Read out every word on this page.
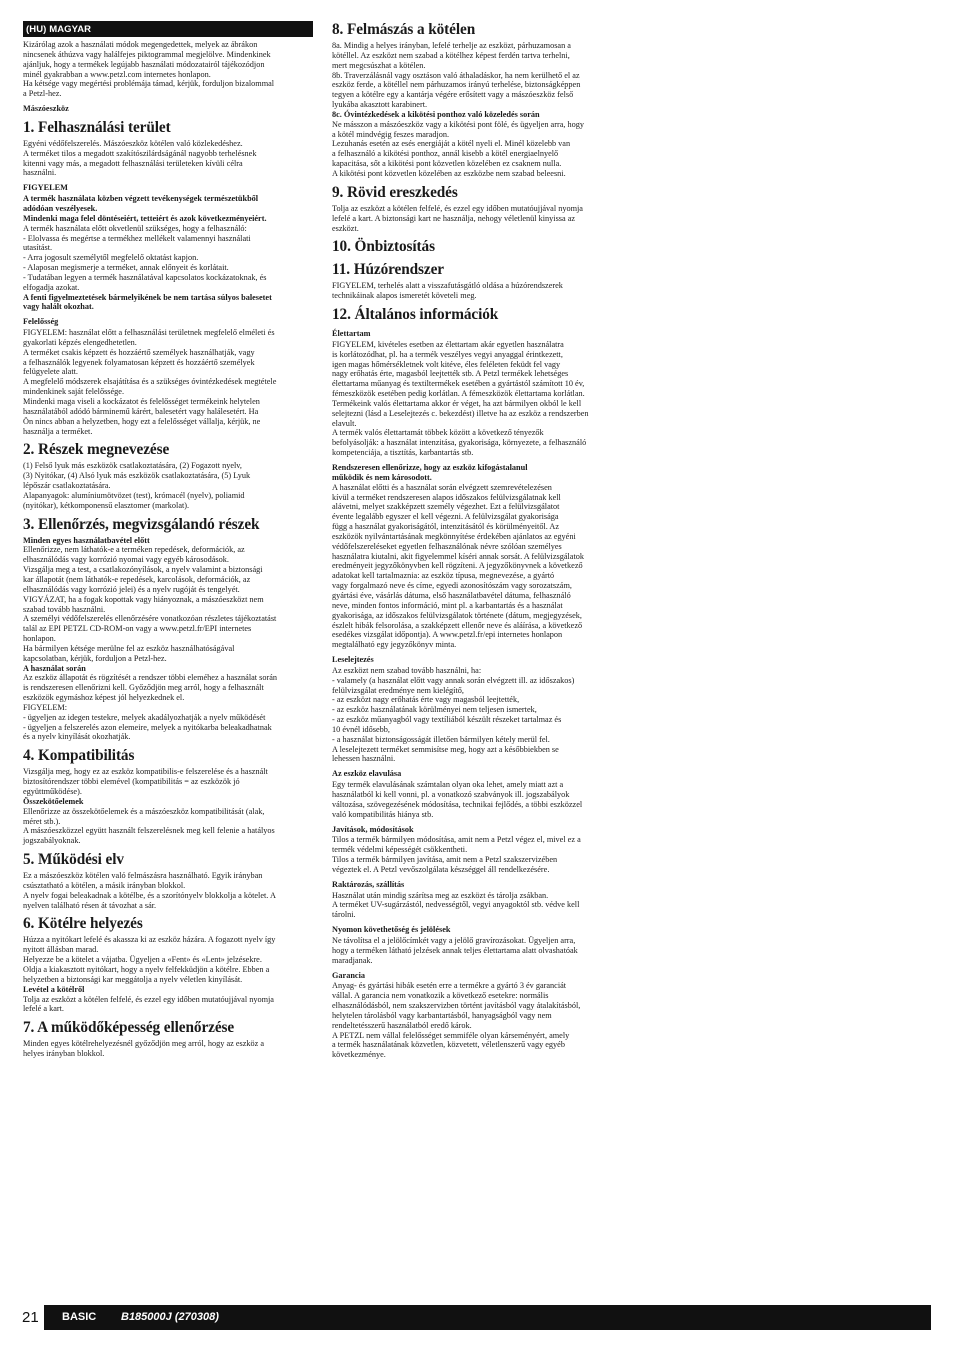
(HU) MAGYAR

Kizárólag azok a használati módok megengedettek, melyek az ábrákon
nincsenek áthúzva vagy halálfejes piktogrammal megjelölve. Mindenkinek
ajánljuk, hogy a termékek legújabb használati módozatairól tájékozódjon
minél gyakrabban a www.petzl.com internetes honlapon.
Ha kétsége vagy megértési problémája támad, kérjük, forduljon bizalommal
a Petzl-hez.

Mászóeszköz
1. Felhasználási terület

Egyéni védőfelszerelés. Mászóeszköz kötélen való közlekedéshez.
A terméket tilos a megadott szakítószilárdságánál nagyobb terhelésnek
kitenni vagy más, a megadott felhasználási területeken kívüli célra
használni.

FIGYELEM

A termék használata közben végzett tevékenységek természetükből
adódóan veszélyesek.
Mindenki maga felel döntéseiért, tetteiért és azok következményeiért.

A termék használata előtt okvetlenül szükséges, hogy a felhasználó:
- Elolvassa és megértse a termékhez mellékelt valamennyi használati
utasítást.
- Arra jogosult személytől megfelelő oktatást kapjon.
- Alaposan megismerje a terméket, annak előnyeit és korlátait.
- Tudatában legyen a termék használatával kapcsolatos kockázatoknak, és
elfogadja azokat.

A fenti figyelmeztetések bármelyikének be nem tartása súlyos balesetet
vagy halált okozhat.

Felelősség

FIGYELEM: használat előtt a felhasználási területnek megfelelő elméleti és
gyakorlati képzés elengedhetetlen.
A terméket csakis képzett és hozzáértő személyek használhatják, vagy
a felhasználók legyenek folyamatosan képzett és hozzáértő személyek
felügyelete alatt.
A megfelelő módszerek elsajátítása és a szükséges óvintézkedések megtétele
mindenkinek saját felelőssége.
Mindenki maga viseli a kockázatot és felelősséget termékeink helytelen
használatából adódó bárminemű kárért, balesetért vagy halálesetért. Ha
Ön nincs abban a helyzetben, hogy ezt a felelősséget vállalja, kérjük, ne
használja a terméket.

2. Részek megnevezése

(1) Felső lyuk más eszközök csatlakoztatására, (2) Fogazott nyelv,
(3) Nyitókar, (4) Alsó lyuk más eszközök csatlakoztatására, (5) Lyuk
lépőszár csatlakoztatására.
Alapanyagok: alumíniumötvözet (test), krómacél (nyelv), poliamid
(nyitókar), kétkomponensű elasztomer (markolat).

3. Ellenőrzés, megvizsgálandó részek

Minden egyes használatbavétel előtt

Ellenőrizze, nem láthatók-e a terméken repedések, deformációk, az
elhasználódás vagy korrózió nyomai vagy egyéb károsodások.
Vizsgálja meg a test, a csatlakozónyílások, a nyelv valamint a biztonsági
kar állapotát (nem láthatók-e repedések, karcolások, deformációk, az
elhasználódás vagy korrózió jelei) és a nyelv rugóját és tengelyét.
VIGYÁZAT, ha a fogak kopottak vagy hiányoznak, a mászóeszközt nem
szabad tovább használni.
A személyi védőfelszerelés ellenőrzésére vonatkozóan részletes tájékoztatást
talál az EPI PETZL CD-ROM-on vagy a www.petzl.fr/EPI internetes
honlapon.
Ha bármilyen kétsége merülne fel az eszköz használhatóságával
kapcsolatban, kérjük, forduljon a Petzl-hez.

A használat során

Az eszköz állapotát és rögzítését a rendszer többi eleméhez a használat során
is rendszeresen ellenőrizni kell. Győződjön meg arról, hogy a felhasznált
eszközök egymáshoz képest jól helyezkednek el.
FIGYELEM:
- ügyeljen az idegen testekre, melyek akadályozhatják a nyelv működését
- ügyeljen a felszerelés azon elemeire, melyek a nyitókarba beleakadhatnak
és a nyelv kinyílását okozhatják.

4. Kompatibilitás

Vizsgálja meg, hogy ez az eszköz kompatibilis-e felszerelése és a használt
biztosítórendszer többi elemével (kompatibilitás = az eszközök jó
együttműködése).

Összekötőelemek

Ellenőrizze az összekötőelemek és a mászóeszköz kompatibilitását (alak,
méret stb.).
A mászóeszközzel együtt használt felszerelésnek meg kell felenie a hatályos
jogszabályoknak.

5. Működési elv

Ez a mászóeszköz kötélen való felmászásra használható. Egyik irányban
csúsztatható a kötélen, a másik irányban blokkol.
A nyelv fogai beleakadnak a kötélbe, és a szorítónyelv blokkolja a kötelet. A
nyelven található résen át távozhat a sár.

6. Kötélre helyezés

Húzza a nyitókart lefelé és akassza ki az eszköz házára. A fogazott nyelv így
nyitott állásban marad.
Helyezze be a kötelet a vájatba. Ügyeljen a «Fent» és «Lent» jelzésekre.
Oldja a kiakasztott nyitókart, hogy a nyelv felfekküdjön a kötélre. Ebben a
helyzetben a biztonsági kar meggátolja a nyelv véletlen kinyílását.

Levétel a kötélről

Tolja az eszközt a kötélen felfelé, és ezzel egy időben mutatóujjával nyomja
lefelé a kart.

7. A működőképesség ellenőrzése

Minden egyes kötélrehelyezésnél győződjön meg arról, hogy az eszköz a
helyes irányban blokkol.

8. Felmászás a kötélen

8a. Mindig a helyes irányban, lefelé terhelje az eszközt, párhuzamosan a
kötéllel. Az eszközt nem szabad a kötélhez képest ferdén tartva terhelni,
mert megcsúszhat a kötélen.
8b. Traverzálásnál vagy osztáson való áthaladáskor, ha nem kerülhető el az
eszköz ferde, a kötéllel nem párhuzamos irányú terhelése, biztonságképpen
tegyen a kötélre egy a kantárja végére erősített vagy a mászóeszköz felső
lyukába akasztott karabinert.

8c. Óvintézkedések a kikötési ponthoz való közeledés során

Ne másszon a mászóeszköz vagy a kikötési pont fölé, és ügyeljen arra, hogy
a kötél mindvégig feszes maradjon.
Lezuhanás esetén az esés energiáját a kötél nyeli el. Minél közelebb van
a felhasználó a kikötési ponthoz, annál kisebb a kötél energiaelnyelő
kapacitása, sőt a kikötési pont közvetlen közelében ez csaknem nulla.
A kikötési pont közvetlen közelében az eszközbe nem szabad beleesni.

9. Rövid ereszkedés

Tolja az eszközt a kötélen felfelé, és ezzel egy időben mutatóujjával nyomja
lefelé a kart. A biztonsági kart ne használja, nehogy véletlenül kinyissa az
eszközt.

10. Önbiztosítás
11. Húzórendszer

FIGYELEM, terhelés alatt a visszafutásgátló oldása a húzórendszerek
technikáinak alapos ismeretét követeli meg.

12. Általános információk
Élettartam

FIGYELEM, kivételes esetben az élettartam akár egyetlen használatra
is korlátozódhat, pl. ha a termék veszélyes vegyi anyaggal érintkezett,
igen magas hőmérsékletnek volt kitéve, éles feléleten feküdt fel vagy
nagy erőhatás érte, magasból leejtették stb. A Petzl termékek lehetséges
élettartama műanyag és textiltermékek esetében a gyártástól számított 10 év,
fémeszközök esetében pedig korlátlan. A fémeszközök élettartama korlátlan.
Termékeink valós élettartama akkor ér véget, ha azt bármilyen okból le kell
selejtezni (lásd a Leselejtezés c. bekezdést) illetve ha az eszköz a rendszerben
elavult.
A termék valós élettartamát többek között a következő tényezők
befolyásolják: a használat intenzitása, gyakorisága, környezete, a felhasználó
kompetenciája, a tisztítás, karbantartás stb.

Rendszeresen ellenőrizze, hogy az eszköz kifogástalanul
működik és nem károsodott.

A használat előtti és a használat során elvégzett szemrevételezésen
kívül a terméket rendszeresen alapos időszakos felülvizsgálatnak kell
alávetni, melyet szakképzett személy végezhet. Ezt a felülvizsgálatot
évente legalább egyszer el kell végezni. A felülvizsgálat gyakorisága
függ a használat gyakoriságától, intenzitásától és körülményeitől. Az
eszközök nyilvántartásának megkönnyítése érdekében ajánlatos az egyéni
védőfelszereléseket egyetlen felhasználónak névre szólóan személyes
használatra kiutalni, akit figyelemmel kíséri annak sorsát. A felülvizsgálatok
eredményeit jegyzőkönyvben kell rögzíteni. A jegyzőkönyvnek a következő
adatokat kell tartalmaznia: az eszköz típusa, megnevezése, a gyártó
vagy forgalmazó neve és címe, egyedi azonosítószám vagy sorozatszám,
gyártási éve, vásárlás dátuma, első használatbavétel dátuma, felhasználó
neve, minden fontos információ, mint pl. a karbantartás és a használat
gyakorisága, az időszakos felülvizsgálatok története (dátum, megjegyzések,
észlelt hibák felsorolása, a szakképzett ellenőr neve és aláírása, a következő
esedékes vizsgálat időpontja). A www.petzl.fr/epi internetes honlapon
megtalálható egy jegyzőkönyv minta.

Leselejtezés

Az eszközt nem szabad tovább használni, ha:
- valamely (a használat előtt vagy annak során elvégzett ill. az időszakos)
felülvizsgálat eredménye nem kielégítő,
- az eszközt nagy erőhatás érte vagy magasból leejtették,
- az eszköz használatának körülményei nem teljesen ismertek,
- az eszköz műanyagból vagy textíliából készült részeket tartalmaz és
10 évnél idősebb,
- a használat biztonságosságát illetően bármilyen kétely merül fel.
A leselejtezett terméket semmisítse meg, hogy azt a későbbiekben se
lehessen használni.

Az eszköz elavulása

Egy termék elavulásának számtalan olyan oka lehet, amely miatt azt a
használatból ki kell vonni, pl. a vonatkozó szabványok ill. jogszabályok
változása, szövegezésének módosítása, technikai fejlődés, a többi eszközzel
való kompatibilitás hiánya stb.

Javítások, módosítások

Tilos a termék bármilyen módosítása, amit nem a Petzl végez el, mivel ez a
termék védelmi képességét csökkentheti.
Tilos a termék bármilyen javítása, amit nem a Petzl szakszervizében
végeztek el. A Petzl vevőszolgálata készséggel áll rendelkezésére.

Raktározás, szállítás

Használat után mindig szárítsa meg az eszközt és tárolja zsákban.
A terméket UV-sugárzástól, nedvességtől, vegyi anyagoktól stb. védve kell
tárolni.

Nyomon követhetőség és jelölések

Ne távolítsa el a jelölőcímkét vagy a jelölő gravírozásokat. Ügyeljen arra,
hogy a terméken látható jelzések annak teljes élettartama alatt olvashatóak
maradjanak.

Garancia

Anyag- és gyártási hibák esetén erre a termékre a gyártó 3 év garanciát
vállal. A garancia nem vonatkozik a következő esetekre: normális
elhasználódásból, nem szakszervizben történt javításból vagy átalakításból,
helytelen tárolásból vagy karbantartásból, hanyagságból vagy nem
rendeltetésszerű használatból eredő károk.
A PETZL nem vállal felelősséget semmiféle olyan kárseményért, amely
a termék használatának közvetlen, közvetett, véletlenszerű vagy egyéb
következménye.

21	BASIC B185000J (270308)
